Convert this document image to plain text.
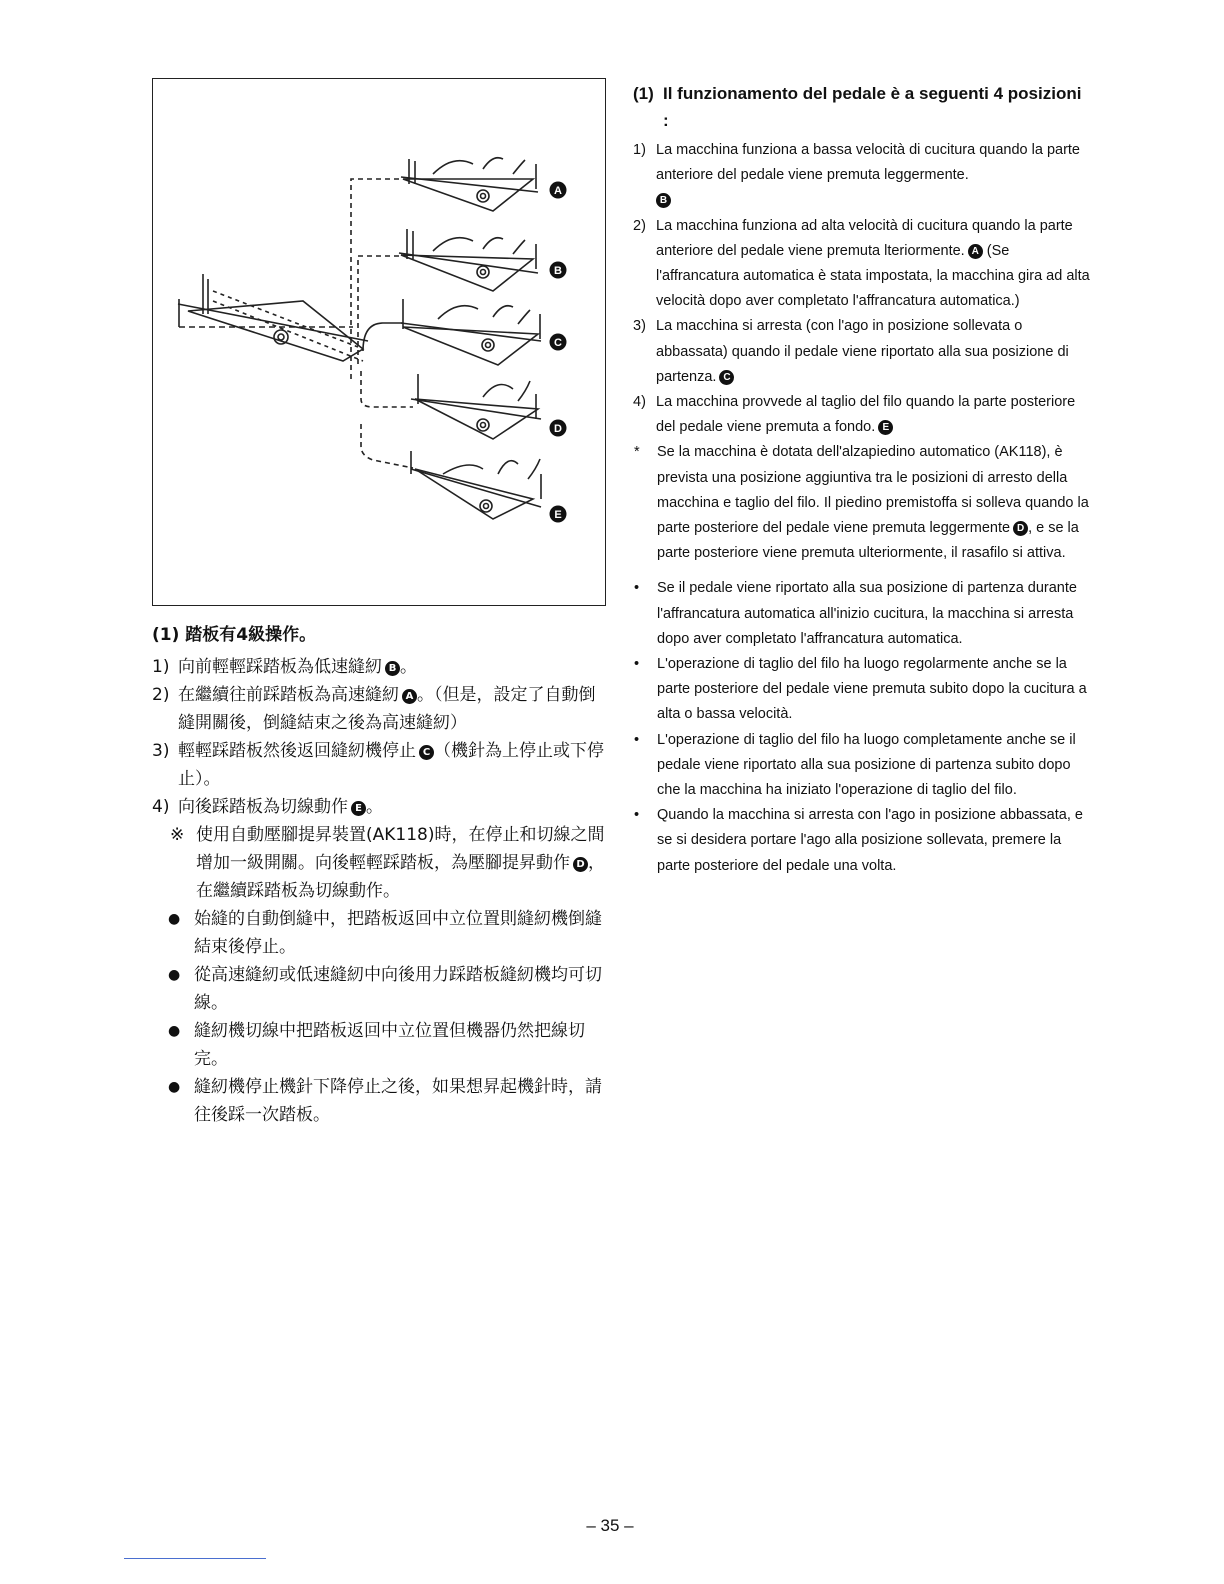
A
B
C
D
E
(1) 踏板有4級操作。
1) 向前輕輕踩踏板為低速縫紉 B 。
2) 在繼續往前踩踏板為高速縫紉 A 。（但是，設定了自動倒縫開關後，倒縫結束之後為高速縫紉）
3) 輕輕踩踏板然後返回縫紉機停止 C （機針為上停止或下停止）。
4) 向後踩踏板為切線動作 E 。
※ 使用自動壓腳提昇裝置(AK118)時，在停止和切線之間增加一級開關。向後輕輕踩踏板，為壓腳提昇動作 D ，在繼續踩踏板為切線動作。
● 始縫的自動倒縫中，把踏板返回中立位置則縫紉機倒縫結束後停止。
● 從高速縫紉或低速縫紉中向後用力踩踏板縫紉機均可切線。
● 縫紉機切線中把踏板返回中立位置但機器仍然把線切完。
● 縫紉機停止機針下降停止之後，如果想昇起機針時，請往後踩一次踏板。
(1) Il funzionamento del pedale è a seguenti 4 posizioni :
1) La macchina funziona a bassa velocità di cucitura quando la parte anteriore del pedale viene premuta leggermente.
B
2) La macchina funziona ad alta velocità di cucitura quando la parte anteriore del pedale viene premuta lteriormente. A (Se l'affrancatura automatica è stata impostata, la macchina gira ad alta velocità dopo aver completato l'affrancatura automatica.)
3) La macchina si arresta (con l'ago in posizione sollevata o abbassata) quando il pedale viene riportato alla sua posizione di partenza. C
4) La macchina provvede al taglio del filo quando la parte posteriore del pedale viene premuta a fondo. E
*	Se la macchina è dotata dell'alzapiedino automatico (AK118), è prevista una posizione aggiuntiva tra le posizioni di arresto della macchina e taglio del filo. Il piedino premistoffa si solleva quando la parte posteriore del pedale viene premuta leggermente D , e se la parte posteriore viene premuta ulteriormente, il rasafilo si attiva.
•	Se il pedale viene riportato alla sua posizione di partenza durante l'affrancatura automatica all'inizio cucitura, la macchina si arresta dopo aver completato l'affrancatura automatica.
•	L'operazione di taglio del filo ha luogo regolarmente anche se la parte posteriore del pedale viene premuta subito dopo la cucitura a alta o bassa velocità.
•	L'operazione di taglio del filo ha luogo completamente anche se il pedale viene riportato alla sua posizione di partenza subito dopo che la macchina ha iniziato l'operazione di taglio del filo.
•	Quando la macchina si arresta con l'ago in posizione abbassata, e se si desidera portare l'ago alla posizione sollevata, premere la parte posteriore del pedale una volta.
– 35 –
